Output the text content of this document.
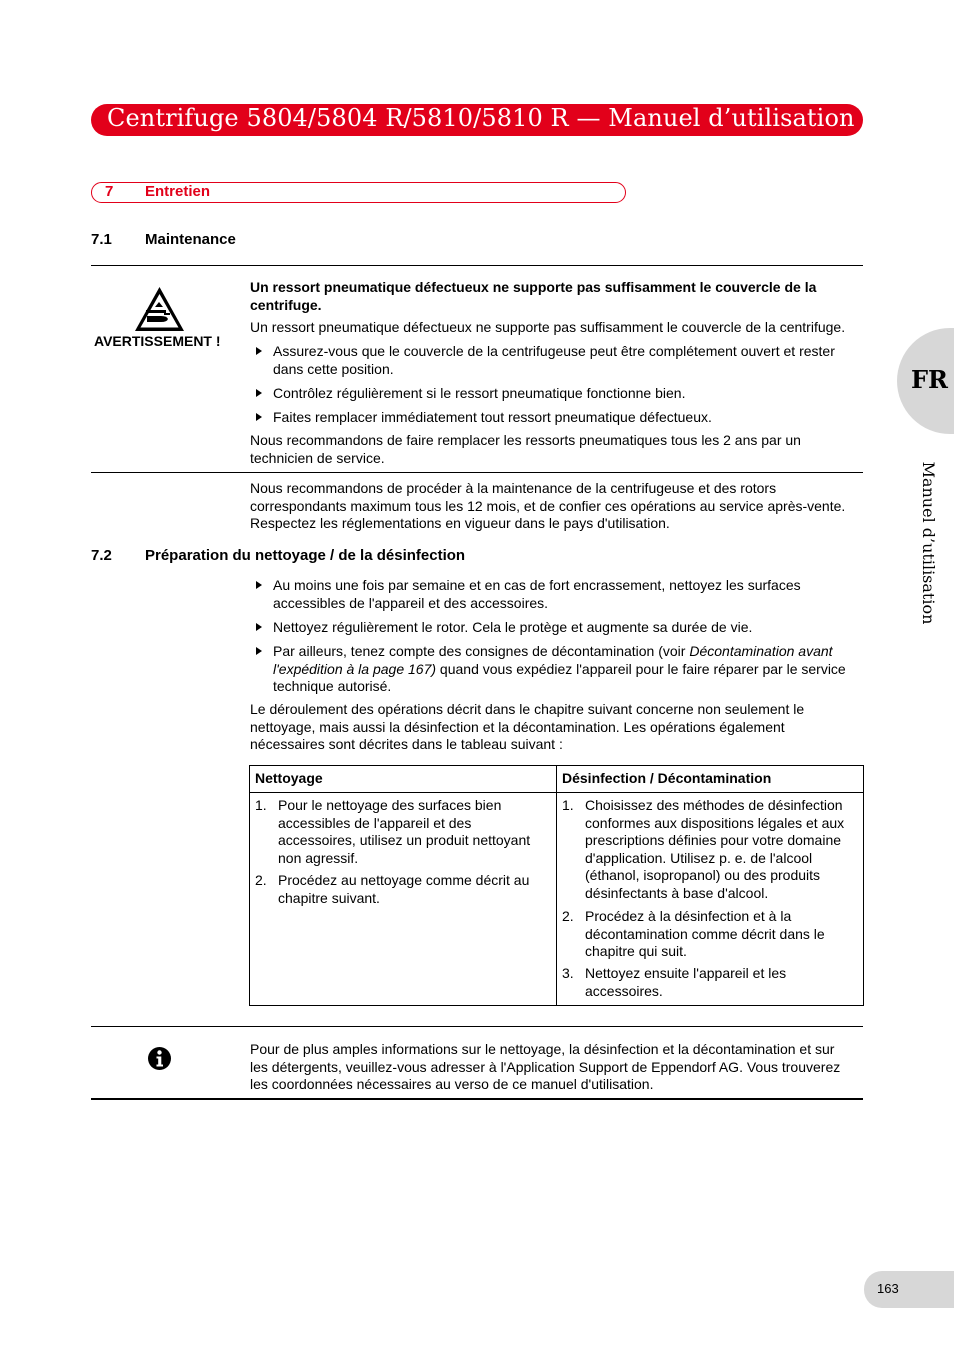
Centrifuge 5804/5804 R/5810/5810 R — Manuel d’utilisation
FR
Manuel d’utilisation
7 Entretien
7.1 Maintenance
AVERTISSEMENT !

Un ressort pneumatique défectueux ne supporte pas suffisamment le couvercle de la

centrifuge.

Un ressort pneumatique défectueux ne supporte pas suffisamment le couvercle de la centrifuge.

Assurez-vous que le couvercle de la centrifugeuse peut être complétement ouvert et rester
dans cette position.
Contrôlez régulièrement si le ressort pneumatique fonctionne bien.
Faites remplacer immédiatement tout ressort pneumatique défectueux.

Nous recommandons de faire remplacer les ressorts pneumatiques tous les 2 ans par un

technicien de service.

Nous recommandons de procéder à la maintenance de la centrifugeuse et des rotors

correspondants maximum tous les 12 mois, et de confier ces opérations au service après-vente.

Respectez les réglementations en vigueur dans le pays d'utilisation.

7.2 Préparation du nettoyage / de la désinfection
Au moins une fois par semaine et en cas de fort encrassement, nettoyez les surfaces
accessibles de l'appareil et des accessoires.
Nettoyez régulièrement le rotor. Cela le protège et augmente sa durée de vie.
Par ailleurs, tenez compte des consignes de décontamination (voir Décontamination avant
l'expédition à la page 167) quand vous expédiez l'appareil pour le faire réparer par le service
technique autorisé.

Le déroulement des opérations décrit dans le chapitre suivant concerne non seulement le

nettoyage, mais aussi la désinfection et la décontamination. Les opérations également

nécessaires sont décrites dans le tableau suivant :

Nettoyage	Désinfection / Décontamination
1. Pour le nettoyage des surfaces bien
accessibles de l'appareil et des
accessoires, utilisez un produit nettoyant
non agressif.
2. Procédez au nettoyage comme décrit au
chapitre suivant.
1. Choisissez des méthodes de désinfection
conformes aux dispositions légales et aux
prescriptions définies pour votre domaine
d'application. Utilisez p. e. de l'alcool
(éthanol, isopropanol) ou des produits
désinfectants à base d'alcool.
2. Procédez à la désinfection et à la
décontamination comme décrit dans le
chapitre qui suit.
3. Nettoyez ensuite l'appareil et les
accessoires.

Pour de plus amples informations sur le nettoyage, la désinfection et la décontamination et sur

les détergents, veuillez-vous adresser à l'Application Support de Eppendorf AG. Vous trouverez

les coordonnées nécessaires au verso de ce manuel d'utilisation.

163
